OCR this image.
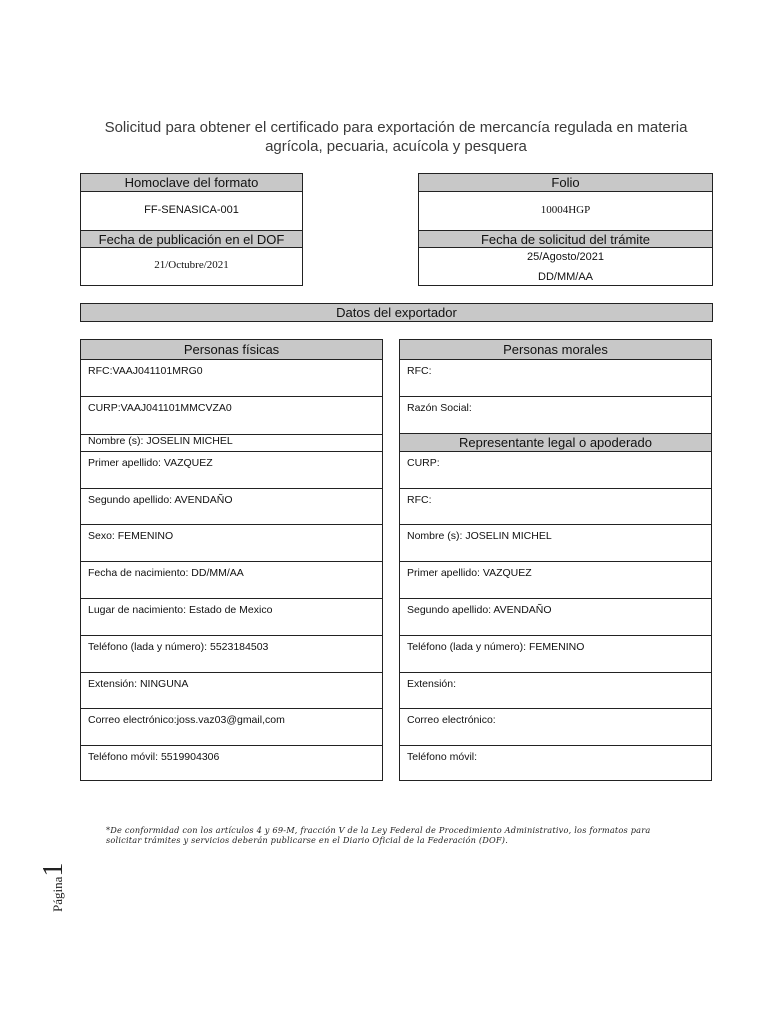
Solicitud para obtener el certificado para exportación de mercancía regulada en materia
agrícola, pecuaria, acuícola y pesquera
Homoclave del formato
FF-SENASICA-001
Fecha de publicación en el DOF
21/Octubre/2021
Folio
10004HGP
Fecha de solicitud del trámite
25/Agosto/2021
DD/MM/AA
Datos del exportador
Personas físicas
RFC:VAAJ041101MRG0
CURP:VAAJ041101MMCVZA0
Nombre (s): JOSELIN MICHEL
Primer apellido: VAZQUEZ
Segundo apellido: AVENDAÑO
Sexo: FEMENINO
Fecha de nacimiento: DD/MM/AA
Lugar de nacimiento: Estado de Mexico
Teléfono (lada y número): 5523184503
Extensión: NINGUNA
Correo electrónico:joss.vaz03@gmail,com
Teléfono móvil: 5519904306
Personas morales
RFC:
Razón Social:
Representante legal o apoderado
CURP:
RFC:
Nombre (s): JOSELIN MICHEL
Primer apellido: VAZQUEZ
Segundo apellido: AVENDAÑO
Teléfono (lada y número): FEMENINO
Extensión:
Correo electrónico:
Teléfono móvil:
*De conformidad con los artículos 4 y 69-M, fracción V de la Ley Federal de Procedimiento Administrativo, los formatos para solicitar trámites y servicios deberán publicarse en el Diario Oficial de la Federación (DOF).
Página1
